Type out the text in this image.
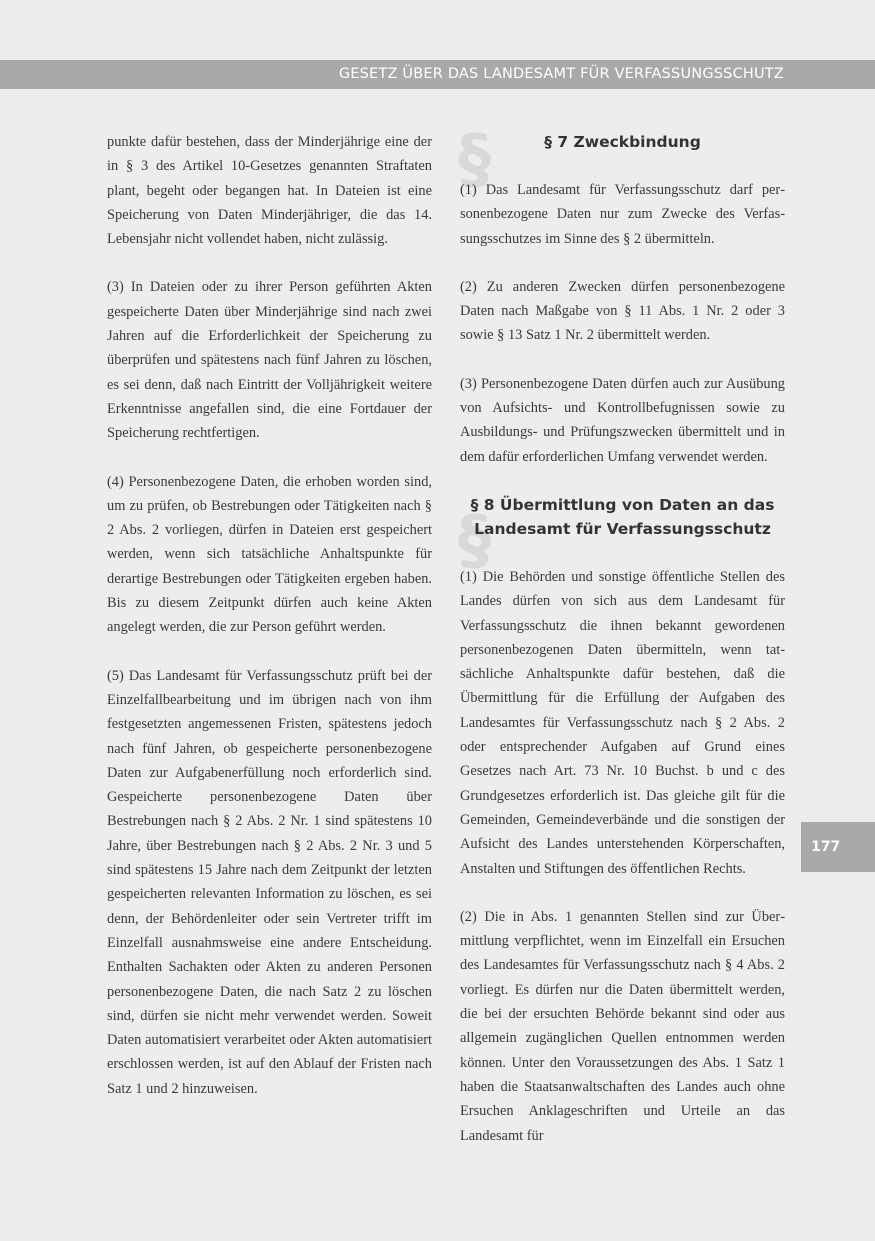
GESETZ ÜBER DAS LANDESAMT FÜR VERFASSUNGSSCHUTZ
177

punkte dafür bestehen, dass der Minderjährige eine der in § 3 des Artikel 10-Gesetzes genannten Straftaten plant, begeht oder begangen hat. In Dateien ist eine Speicherung von Daten Minderjähriger, die das 14. Lebensjahr nicht vollendet haben, nicht zulässig.

(3) In Dateien oder zu ihrer Person geführten Akten gespeicherte Daten über Minderjährige sind nach zwei Jahren auf die Erforderlichkeit der Speicherung zu überprüfen und spätestens nach fünf Jahren zu löschen, es sei denn, daß nach Eintritt der Volljährigkeit weitere Erkenntnisse angefallen sind, die eine Fortdauer der Speicherung rechtfertigen.

(4) Personenbezogene Daten, die erhoben worden sind, um zu prüfen, ob Bestrebungen oder Tätigkeiten nach § 2 Abs. 2 vorliegen, dürfen in Dateien erst gespeichert werden, wenn sich tatsächliche Anhaltspunkte für derartige Bestrebungen oder Tätigkeiten ergeben haben. Bis zu diesem Zeitpunkt dürfen auch keine Akten angelegt werden, die zur Person geführt werden.

(5) Das Landesamt für Verfassungsschutz prüft bei der Einzelfallbearbeitung und im übrigen nach von ihm festgesetzten angemessenen Fristen, spätestens jedoch nach fünf Jahren, ob gespeicherte personenbezogene Daten zur Aufgabenerfüllung noch erforderlich sind. Gespeicherte personenbezogene Daten über Bestrebungen nach § 2 Abs. 2 Nr. 1 sind spätestens 10 Jahre, über Bestrebungen nach § 2 Abs. 2 Nr. 3 und 5 sind spätestens 15 Jahre nach dem Zeitpunkt der letzten gespeicherten relevanten Information zu löschen, es sei denn, der Behördenleiter oder sein Vertreter trifft im Einzelfall ausnahmsweise eine andere Entscheidung. Enthalten Sachakten oder Akten zu anderen Personen personenbezogene Daten, die nach Satz 2 zu löschen sind, dürfen sie nicht mehr verwendet werden. Soweit Daten automatisiert verarbeitet oder Akten automatisiert erschlossen werden, ist auf den Ablauf der Fristen nach Satz 1 und 2 hinzuweisen.

§	§ 7 Zweckbindung

(1) Das Landesamt für Verfassungsschutz darf personenbezogene Daten nur zum Zwecke des Verfassungsschutzes im Sinne des § 2 übermitteln.

(2) Zu anderen Zwecken dürfen personenbezogene Daten nach Maßgabe von § 11 Abs. 1 Nr. 2 oder 3 sowie § 13 Satz 1 Nr. 2 übermittelt werden.

(3) Personenbezogene Daten dürfen auch zur Ausübung von Aufsichts- und Kontrollbefugnissen sowie zu Ausbildungs- und Prüfungszwecken übermittelt und in dem dafür erforderlichen Umfang verwendet werden.

§

§ 8 Übermittlung von Daten an das

Landesamt für Verfassungsschutz

(1) Die Behörden und sonstige öffentliche Stellen des Landes dürfen von sich aus dem Landesamt für Verfassungsschutz die ihnen bekannt gewordenen personenbezogenen Daten übermitteln, wenn tatsächliche Anhaltspunkte dafür bestehen, daß die Übermittlung für die Erfüllung der Aufgaben des Landesamtes für Verfassungsschutz nach § 2 Abs. 2 oder entsprechender Aufgaben auf Grund eines Gesetzes nach Art. 73 Nr. 10 Buchst. b und c des Grundgesetzes erforderlich ist. Das gleiche gilt für die Gemeinden, Gemeindeverbände und die sonstigen der Aufsicht des Landes unterstehenden Körperschaften, Anstalten und Stiftungen des öffentlichen Rechts.

(2) Die in Abs. 1 genannten Stellen sind zur Übermittlung verpflichtet, wenn im Einzelfall ein Ersuchen des Landesamtes für Verfassungsschutz nach § 4 Abs. 2 vorliegt. Es dürfen nur die Daten übermittelt werden, die bei der ersuchten Behörde bekannt sind oder aus allgemein zugänglichen Quellen entnommen werden können. Unter den Voraussetzungen des Abs. 1 Satz 1 haben die Staatsanwaltschaften des Landes auch ohne Ersuchen Anklageschriften und Urteile an das Landesamt für
